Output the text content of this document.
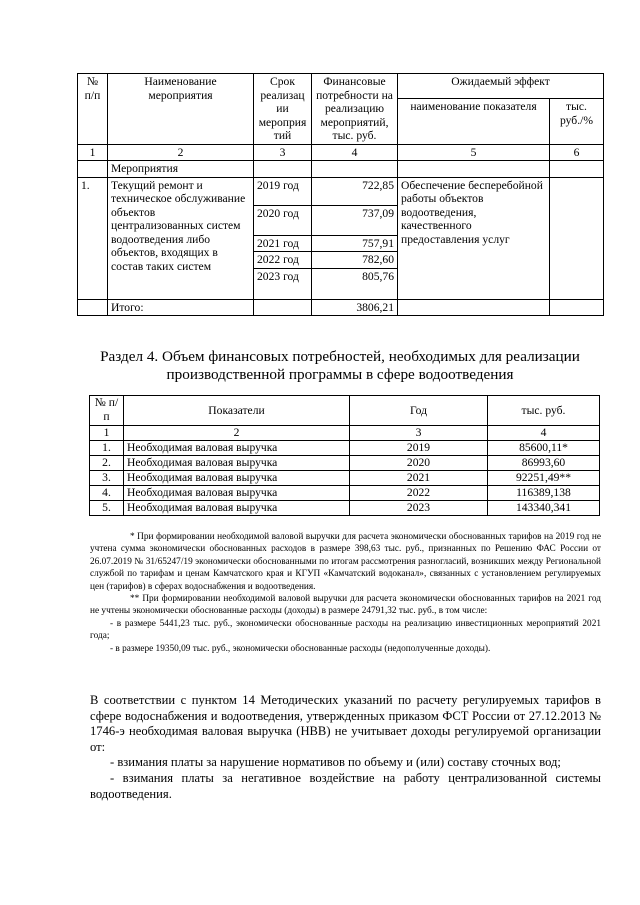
№ п/п	Наименование мероприятия	Срок реализац ии мероприя тий	Финансовые потребности на реализацию мероприятий, тыс. руб.	Ожидаемый эффект	
				наименование показателя	тыс. руб./%
1	2	3	4	5	6
	Мероприятия				
1.	Текущий ремонт и техническое обслуживание объектов централизованных систем водоотведения либо объектов, входящих в состав таких систем	2019 год	722,85	Обеспечение бесперебойной работы объектов водоотведения, качественного предоставления услуг	
		2020 год	737,09		
		2021 год	757,91		
		2022 год	782,60		
		2023 год	805,76		
	Итого:		3806,21		
Раздел 4. Объем финансовых потребностей, необходимых для реализации производственной программы в сфере водоотведения
№ п/п	Показатели	Год	тыс. руб.
1	2	3	4
1.	Необходимая валовая выручка	2019	85600,11*
2.	Необходимая валовая выручка	2020	86993,60
3.	Необходимая валовая выручка	2021	92251,49**
4.	Необходимая валовая выручка	2022	116389,138
5.	Необходимая валовая выручка	2023	143340,341

* При формировании необходимой валовой выручки для расчета экономически обоснованных тарифов на 2019 год не учтена сумма экономически обоснованных расходов в размере 398,63 тыс. руб., признанных по Решению ФАС России от 26.07.2019 № 31/65247/19 экономически обоснованными по итогам рассмотрения разногласий, возникших между Региональной службой по тарифам и ценам Камчатского края и КГУП «Камчатский водоканал», связанных с установлением регулируемых цен (тарифов) в сферах водоснабжения и водоотведения.

** При формировании необходимой валовой выручки для расчета экономически обоснованных тарифов на 2021 год не учтены экономически обоснованные расходы (доходы) в размере 24791,32 тыс. руб., в том числе:

- в размере 5441,23 тыс. руб., экономически обоснованные расходы на реализацию инвестиционных мероприятий 2021 года;

- в размере 19350,09 тыс. руб., экономически обоснованные расходы (недополученные доходы).

В соответствии с пунктом 14 Методических указаний по расчету регулируемых тарифов в сфере водоснабжения и водоотведения, утвержденных приказом ФСТ России от 27.12.2013 № 1746-э необходимая валовая выручка (НВВ) не учитывает доходы регулируемой организации от:

- взимания платы за нарушение нормативов по объему и (или) составу сточных вод;

- взимания платы за негативное воздействие на работу централизованной системы водоотведения.
